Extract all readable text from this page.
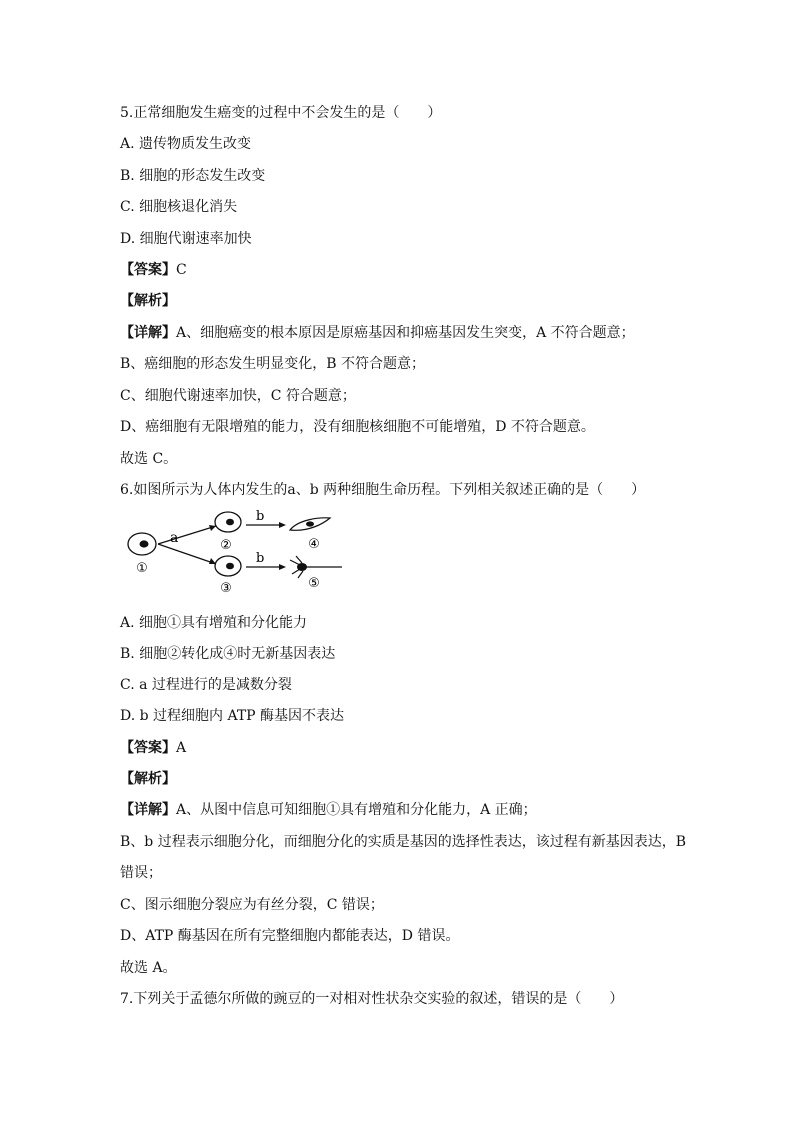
5.正常细胞发生癌变的过程中不会发生的是（　　）
A. 遗传物质发生改变
B. 细胞的形态发生改变
C. 细胞核退化消失
D. 细胞代谢速率加快
【答案】C
【解析】
【详解】A、细胞癌变的根本原因是原癌基因和抑癌基因发生突变，A 不符合题意；
B、癌细胞的形态发生明显变化，B 不符合题意；
C、细胞代谢速率加快，C 符合题意；
D、癌细胞有无限增殖的能力，没有细胞核细胞不可能增殖，D 不符合题意。
故选 C。
6.如图所示为人体内发生的a、b 两种细胞生命历程。下列相关叙述正确的是（　　）
①
a	②
③
b
b
④
⑤
A. 细胞①具有增殖和分化能力
B. 细胞②转化成④时无新基因表达
C. a 过程进行的是减数分裂
D. b 过程细胞内 ATP 酶基因不表达
【答案】A
【解析】
【详解】A、从图中信息可知细胞①具有增殖和分化能力，A 正确；
B、b 过程表示细胞分化，而细胞分化的实质是基因的选择性表达，该过程有新基因表达，B
错误；
C、图示细胞分裂应为有丝分裂，C 错误；
D、ATP 酶基因在所有完整细胞内都能表达，D 错误。
故选 A。
7.下列关于孟德尔所做的豌豆的一对相对性状杂交实验的叙述，错误的是（　　）
